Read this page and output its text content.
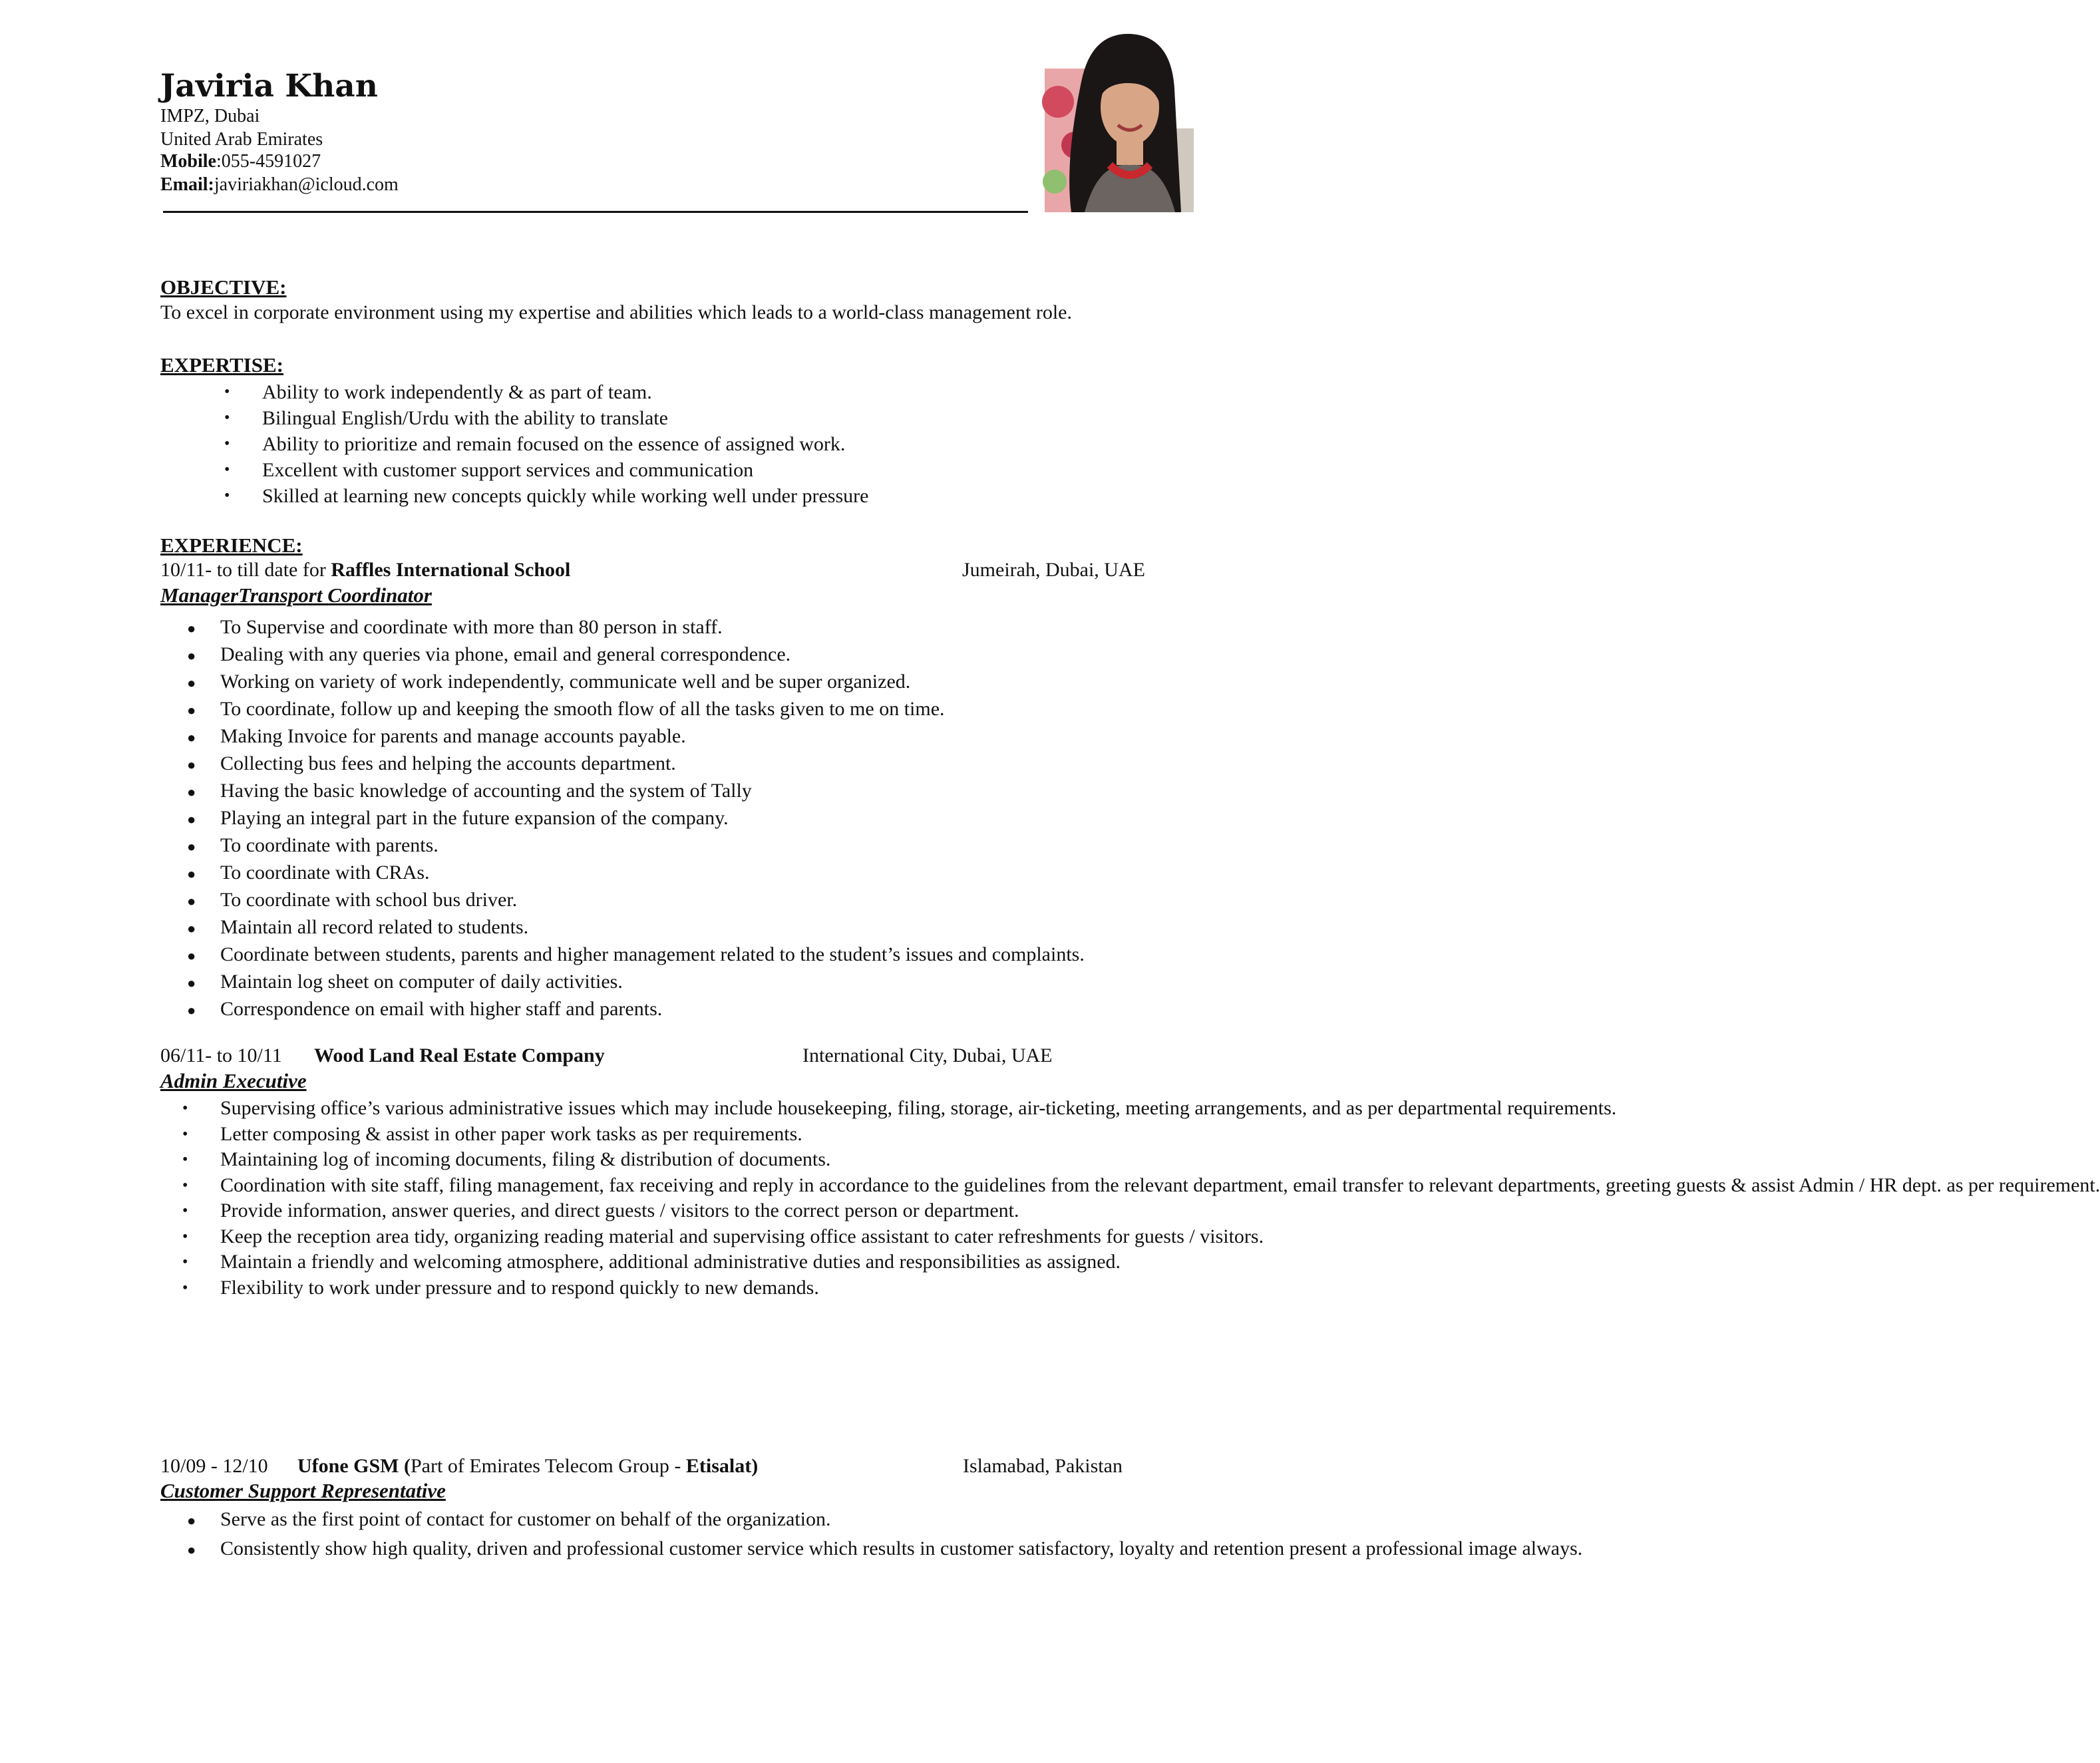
Javiria Khan
IMPZ, Dubai
United Arab Emirates
Mobile:055-4591027
Email:javiriakhan@icloud.com
OBJECTIVE:
To excel in corporate environment using my expertise and abilities which leads to a world-class management role.
EXPERTISE:
• Ability to work independently & as part of team.
• Bilingual English/Urdu with the ability to translate
• Ability to prioritize and remain focused on the essence of assigned work.
• Excellent with customer support services and communication
• Skilled at learning new concepts quickly while working well under pressure
EXPERIENCE:
10/11- to till date for Raffles International School	Jumeirah, Dubai, UAE
ManagerTransport Coordinator
● To Supervise and coordinate with more than 80 person in staff.
● Dealing with any queries via phone, email and general correspondence.
● Working on variety of work independently, communicate well and be super organized.
● To coordinate, follow up and keeping the smooth flow of all the tasks given to me on time.
● Making Invoice for parents and manage accounts payable.
● Collecting bus fees and helping the accounts department.
● Having the basic knowledge of accounting and the system of Tally
● Playing an integral part in the future expansion of the company.
● To coordinate with parents.
● To coordinate with CRAs.
● To coordinate with school bus driver.
● Maintain all record related to students.
● Coordinate between students, parents and higher management related to the student’s issues and complaints.
● Maintain log sheet on computer of daily activities.
● Correspondence on email with higher staff and parents.
06/11- to 10/11 Wood Land Real Estate Company	International City, Dubai, UAE
Admin Executive
• Supervising office’s various administrative issues which may include housekeeping, filing, storage, air-ticketing, meeting arrangements, and as per departmental requirements.
• Letter composing & assist in other paper work tasks as per requirements.
• Maintaining log of incoming documents, filing & distribution of documents.
• Coordination with site staff, filing management, fax receiving and reply in accordance to the guidelines from the relevant department, email transfer to relevant departments, greeting guests & assist Admin / HR dept. as per requirement.
• Provide information, answer queries, and direct guests / visitors to the correct person or department.
• Keep the reception area tidy, organizing reading material and supervising office assistant to cater refreshments for guests / visitors.
• Maintain a friendly and welcoming atmosphere, additional administrative duties and responsibilities as assigned.
• Flexibility to work under pressure and to respond quickly to new demands.
10/09 - 12/10 Ufone GSM (Part of Emirates Telecom Group - Etisalat)	Islamabad, Pakistan
Customer Support Representative
● Serve as the first point of contact for customer on behalf of the organization.
● Consistently show high quality, driven and professional customer service which results in customer satisfactory, loyalty and retention present a professional image always.
